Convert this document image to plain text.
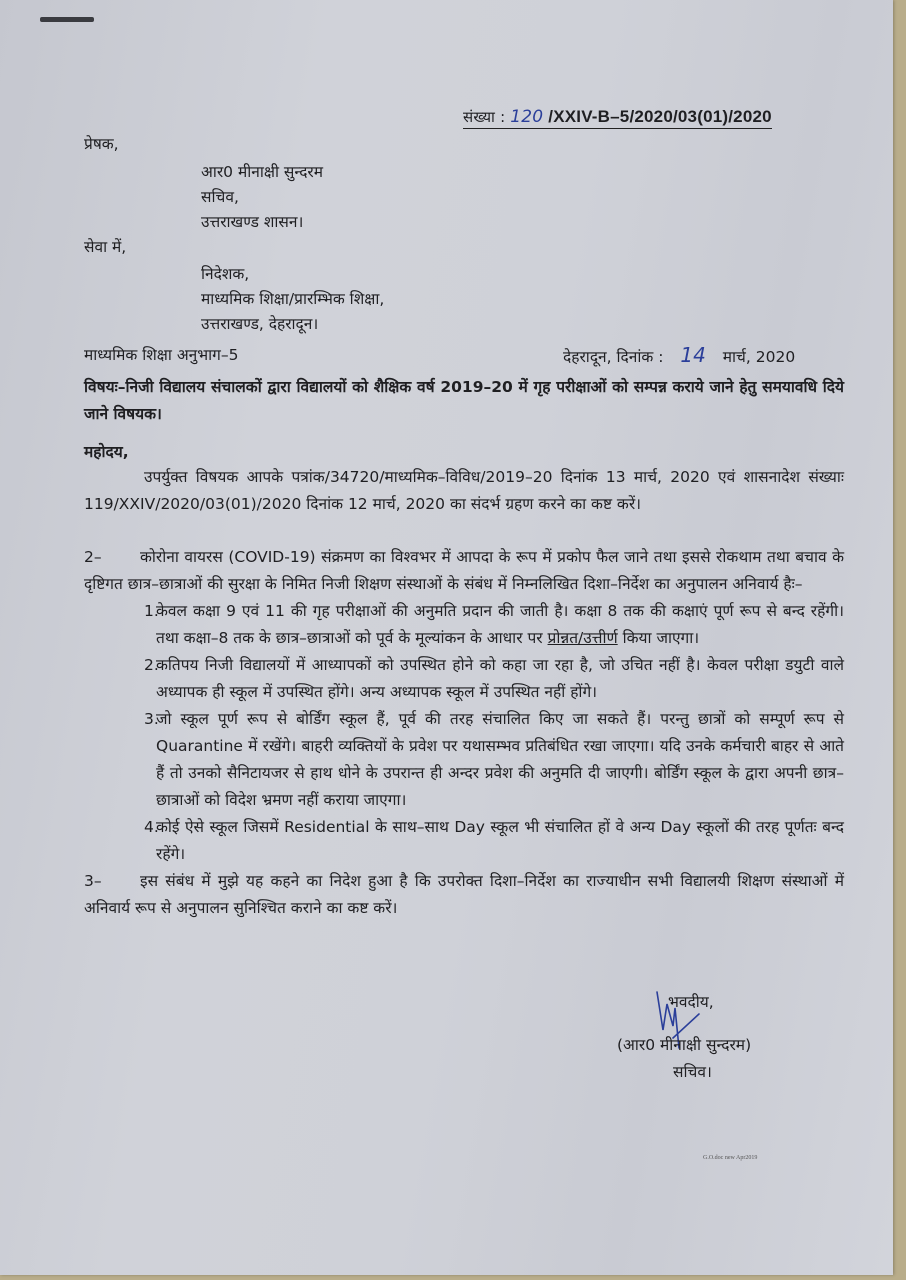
संख्या : 120 /XXIV-B–5/2020/03(01)/2020
प्रेषक,
आर0 मीनाक्षी सुन्दरम
सचिव,
उत्तराखण्ड शासन।
सेवा में,
निदेशक,
माध्यमिक शिक्षा/प्रारम्भिक शिक्षा,
उत्तराखण्ड, देहरादून।
माध्यमिक शिक्षा अनुभाग–5	देहरादून, दिनांक : 14 मार्च, 2020
विषयः–निजी विद्यालय संचालकों द्वारा विद्यालयों को शैक्षिक वर्ष 2019–20 में गृह परीक्षाओं को सम्पन्न कराये जाने हेतु समयावधि दिये जाने विषयक।
महोदय,
उपर्युक्त विषयक आपके पत्रांक/34720/माध्यमिक–विविध/2019–20 दिनांक 13 मार्च, 2020 एवं शासनादेश संख्याः 119/XXIV/2020/03(01)/2020 दिनांक 12 मार्च, 2020 का संदर्भ ग्रहण करने का कष्ट करें।
2– कोरोना वायरस (COVID-19) संक्रमण का विश्वभर में आपदा के रूप में प्रकोप फैल जाने तथा इससे रोकथाम तथा बचाव के दृष्टिगत छात्र–छात्राओं की सुरक्षा के निमित निजी शिक्षण संस्थाओं के संबंध में निम्नलिखित दिशा–निर्देश का अनुपालन अनिवार्य हैः–
1.
केवल कक्षा 9 एवं 11 की गृह परीक्षाओं की अनुमति प्रदान की जाती है। कक्षा 8 तक की कक्षाएं पूर्ण रूप से बन्द रहेंगी। तथा कक्षा–8 तक के छात्र–छात्राओं को पूर्व के मूल्यांकन के आधार पर प्रोन्नत/उत्तीर्ण किया जाएगा।
2.
कतिपय निजी विद्यालयों में आध्यापकों को उपस्थित होने को कहा जा रहा है, जो उचित नहीं है। केवल परीक्षा डयुटी वाले अध्यापक ही स्कूल में उपस्थित होंगे। अन्य अध्यापक स्कूल में उपस्थित नहीं होंगे।
3.
जो स्कूल पूर्ण रूप से बोर्डिंग स्कूल हैं, पूर्व की तरह संचालित किए जा सकते हैं। परन्तु छात्रों को सम्पूर्ण रूप से Quarantine में रखेंगे। बाहरी व्यक्तियों के प्रवेश पर यथासम्भव प्रतिबंधित रखा जाएगा। यदि उनके कर्मचारी बाहर से आते हैं तो उनको सैनिटायजर से हाथ धोने के उपरान्त ही अन्दर प्रवेश की अनुमति दी जाएगी। बोर्डिंग स्कूल के द्वारा अपनी छात्र–छात्राओं को विदेश भ्रमण नहीं कराया जाएगा।
4.
कोई ऐसे स्कूल जिसमें Residential के साथ–साथ Day स्कूल भी संचालित हों वे अन्य Day स्कूलों की तरह पूर्णतः बन्द रहेंगे।
3– इस संबंध में मुझे यह कहने का निदेश हुआ है कि उपरोक्त दिशा–निर्देश का राज्याधीन सभी विद्यालयी शिक्षण संस्थाओं में अनिवार्य रूप से अनुपालन सुनिश्चित कराने का कष्ट करें।
भवदीय,
(आर0 मीनाक्षी सुन्दरम)
सचिव।
G.O.doc new Apr2019
